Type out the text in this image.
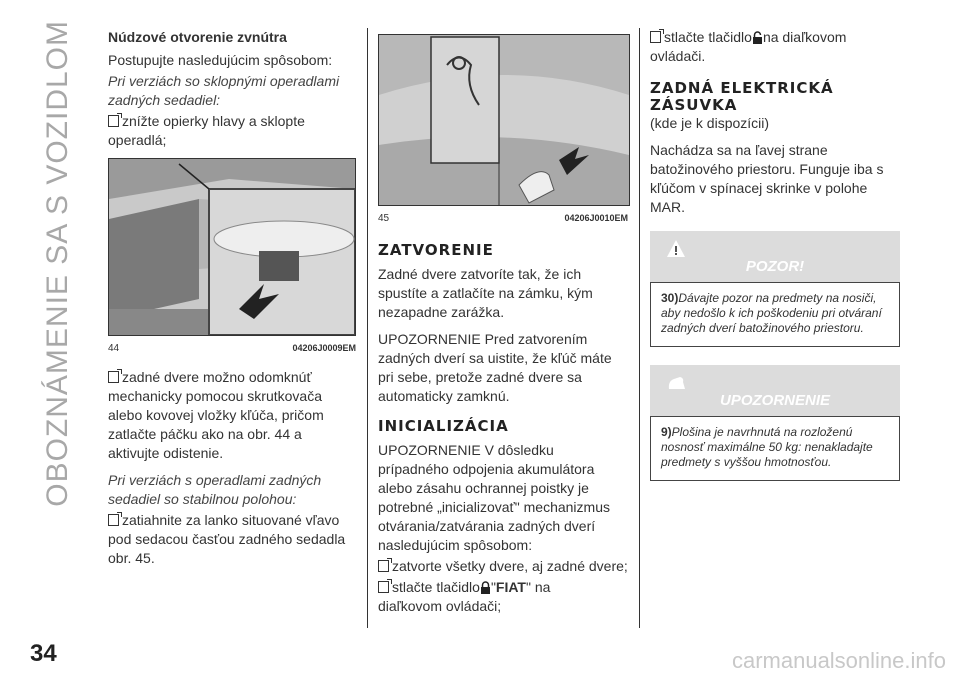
OBOZNÁMENIE SA S VOZIDLOM
34	carmanualsonline.info

Núdzové otvorenie zvnútra

Postupujte nasledujúcim spôsobom:

Pri verziách so sklopnými operadlami zadných sedadiel:

znížte opierky hlavy a sklopte operadlá;

44	04206J0009EM

zadné dvere možno odomknúť mechanicky pomocou skrutkovača alebo kovovej vložky kľúča, pričom zatlačte páčku ako na obr. 44 a aktivujte odistenie.

Pri verziách s operadlami zadných sedadiel so stabilnou polohou:

zatiahnite za lanko situované vľavo pod sedacou časťou zadného sedadla obr. 45.

45	04206J0010EM
ZATVORENIE

Zadné dvere zatvoríte tak, že ich spustíte a zatlačíte na zámku, kým nezapadne zarážka.

UPOZORNENIE Pred zatvorením zadných dverí sa uistite, že kľúč máte pri sebe, pretože zadné dvere sa automaticky zamknú.

INICIALIZÁCIA

UPOZORNENIE V dôsledku prípadného odpojenia akumulátora alebo zásahu ochrannej poistky je potrebné „inicializovať" mechanizmus otvárania/zatvárania zadných dverí nasledujúcim spôsobom:

zatvorte všetky dvere, aj zadné dvere;

stlačte tlačidlo "FIAT" na
diaľkovom ovládači;

stlačte tlačidlo na diaľkovom
ovládači.

ZADNÁ ELEKTRICKÁ ZÁSUVKA

(kde je k dispozícii)

Nachádza sa na ľavej strane batožinového priestoru. Funguje iba s kľúčom v spínacej skrinke v polohe MAR.

POZOR!
30)Dávajte pozor na predmety na nosiči, aby nedošlo k ich poškodeniu pri otváraní zadných dverí batožinového priestoru.
UPOZORNENIE
9)Plošina je navrhnutá na rozloženú nosnosť maximálne 50 kg: nenakladajte predmety s vyššou hmotnosťou.
